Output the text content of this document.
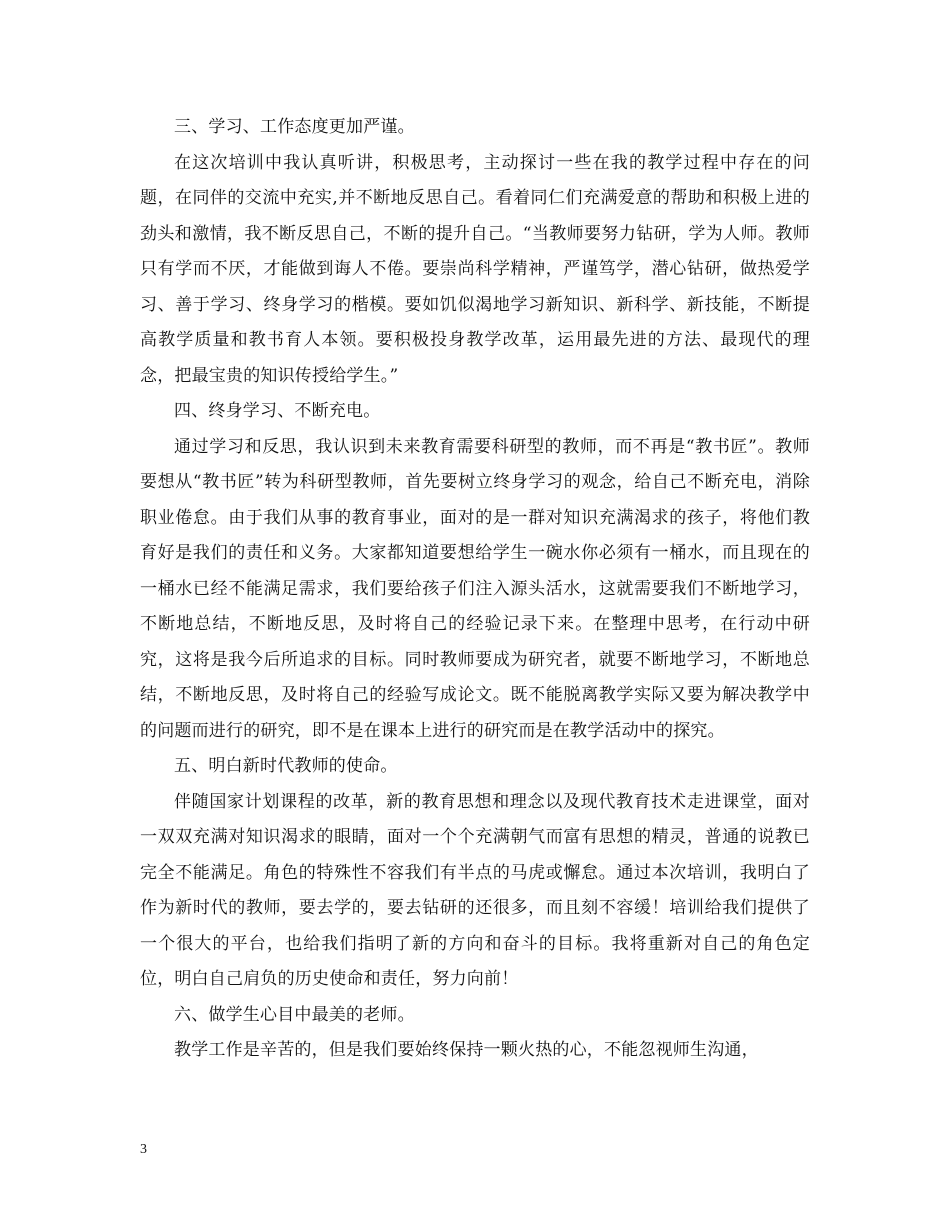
三、学习、工作态度更加严谨。

在这次培训中我认真听讲，积极思考，主动探讨一些在我的教学过程中存在的问题，在同伴的交流中充实,并不断地反思自己。看着同仁们充满爱意的帮助和积极上进的劲头和激情，我不断反思自己，不断的提升自己。“当教师要努力钻研，学为人师。教师只有学而不厌，才能做到诲人不倦。要崇尚科学精神，严谨笃学，潜心钻研，做热爱学习、善于学习、终身学习的楷模。要如饥似渴地学习新知识、新科学、新技能，不断提高教学质量和教书育人本领。要积极投身教学改革，运用最先进的方法、最现代的理念，把最宝贵的知识传授给学生。”

四、终身学习、不断充电。

通过学习和反思，我认识到未来教育需要科研型的教师，而不再是“教书匠”。教师要想从“教书匠”转为科研型教师，首先要树立终身学习的观念，给自己不断充电，消除职业倦怠。由于我们从事的教育事业，面对的是一群对知识充满渴求的孩子，将他们教育好是我们的责任和义务。大家都知道要想给学生一碗水你必须有一桶水，而且现在的一桶水已经不能满足需求，我们要给孩子们注入源头活水，这就需要我们不断地学习，不断地总结，不断地反思，及时将自己的经验记录下来。在整理中思考，在行动中研究，这将是我今后所追求的目标。同时教师要成为研究者，就要不断地学习，不断地总结，不断地反思，及时将自己的经验写成论文。既不能脱离教学实际又要为解决教学中的问题而进行的研究，即不是在课本上进行的研究而是在教学活动中的探究。

五、明白新时代教师的使命。

伴随国家计划课程的改革，新的教育思想和理念以及现代教育技术走进课堂，面对一双双充满对知识渴求的眼睛，面对一个个充满朝气而富有思想的精灵，普通的说教已完全不能满足。角色的特殊性不容我们有半点的马虎或懈怠。通过本次培训，我明白了作为新时代的教师，要去学的，要去钻研的还很多，而且刻不容缓！培训给我们提供了一个很大的平台，也给我们指明了新的方向和奋斗的目标。我将重新对自己的角色定位，明白自己肩负的历史使命和责任，努力向前！

六、做学生心目中最美的老师。

教学工作是辛苦的，但是我们要始终保持一颗火热的心，不能忽视师生沟通，

3
